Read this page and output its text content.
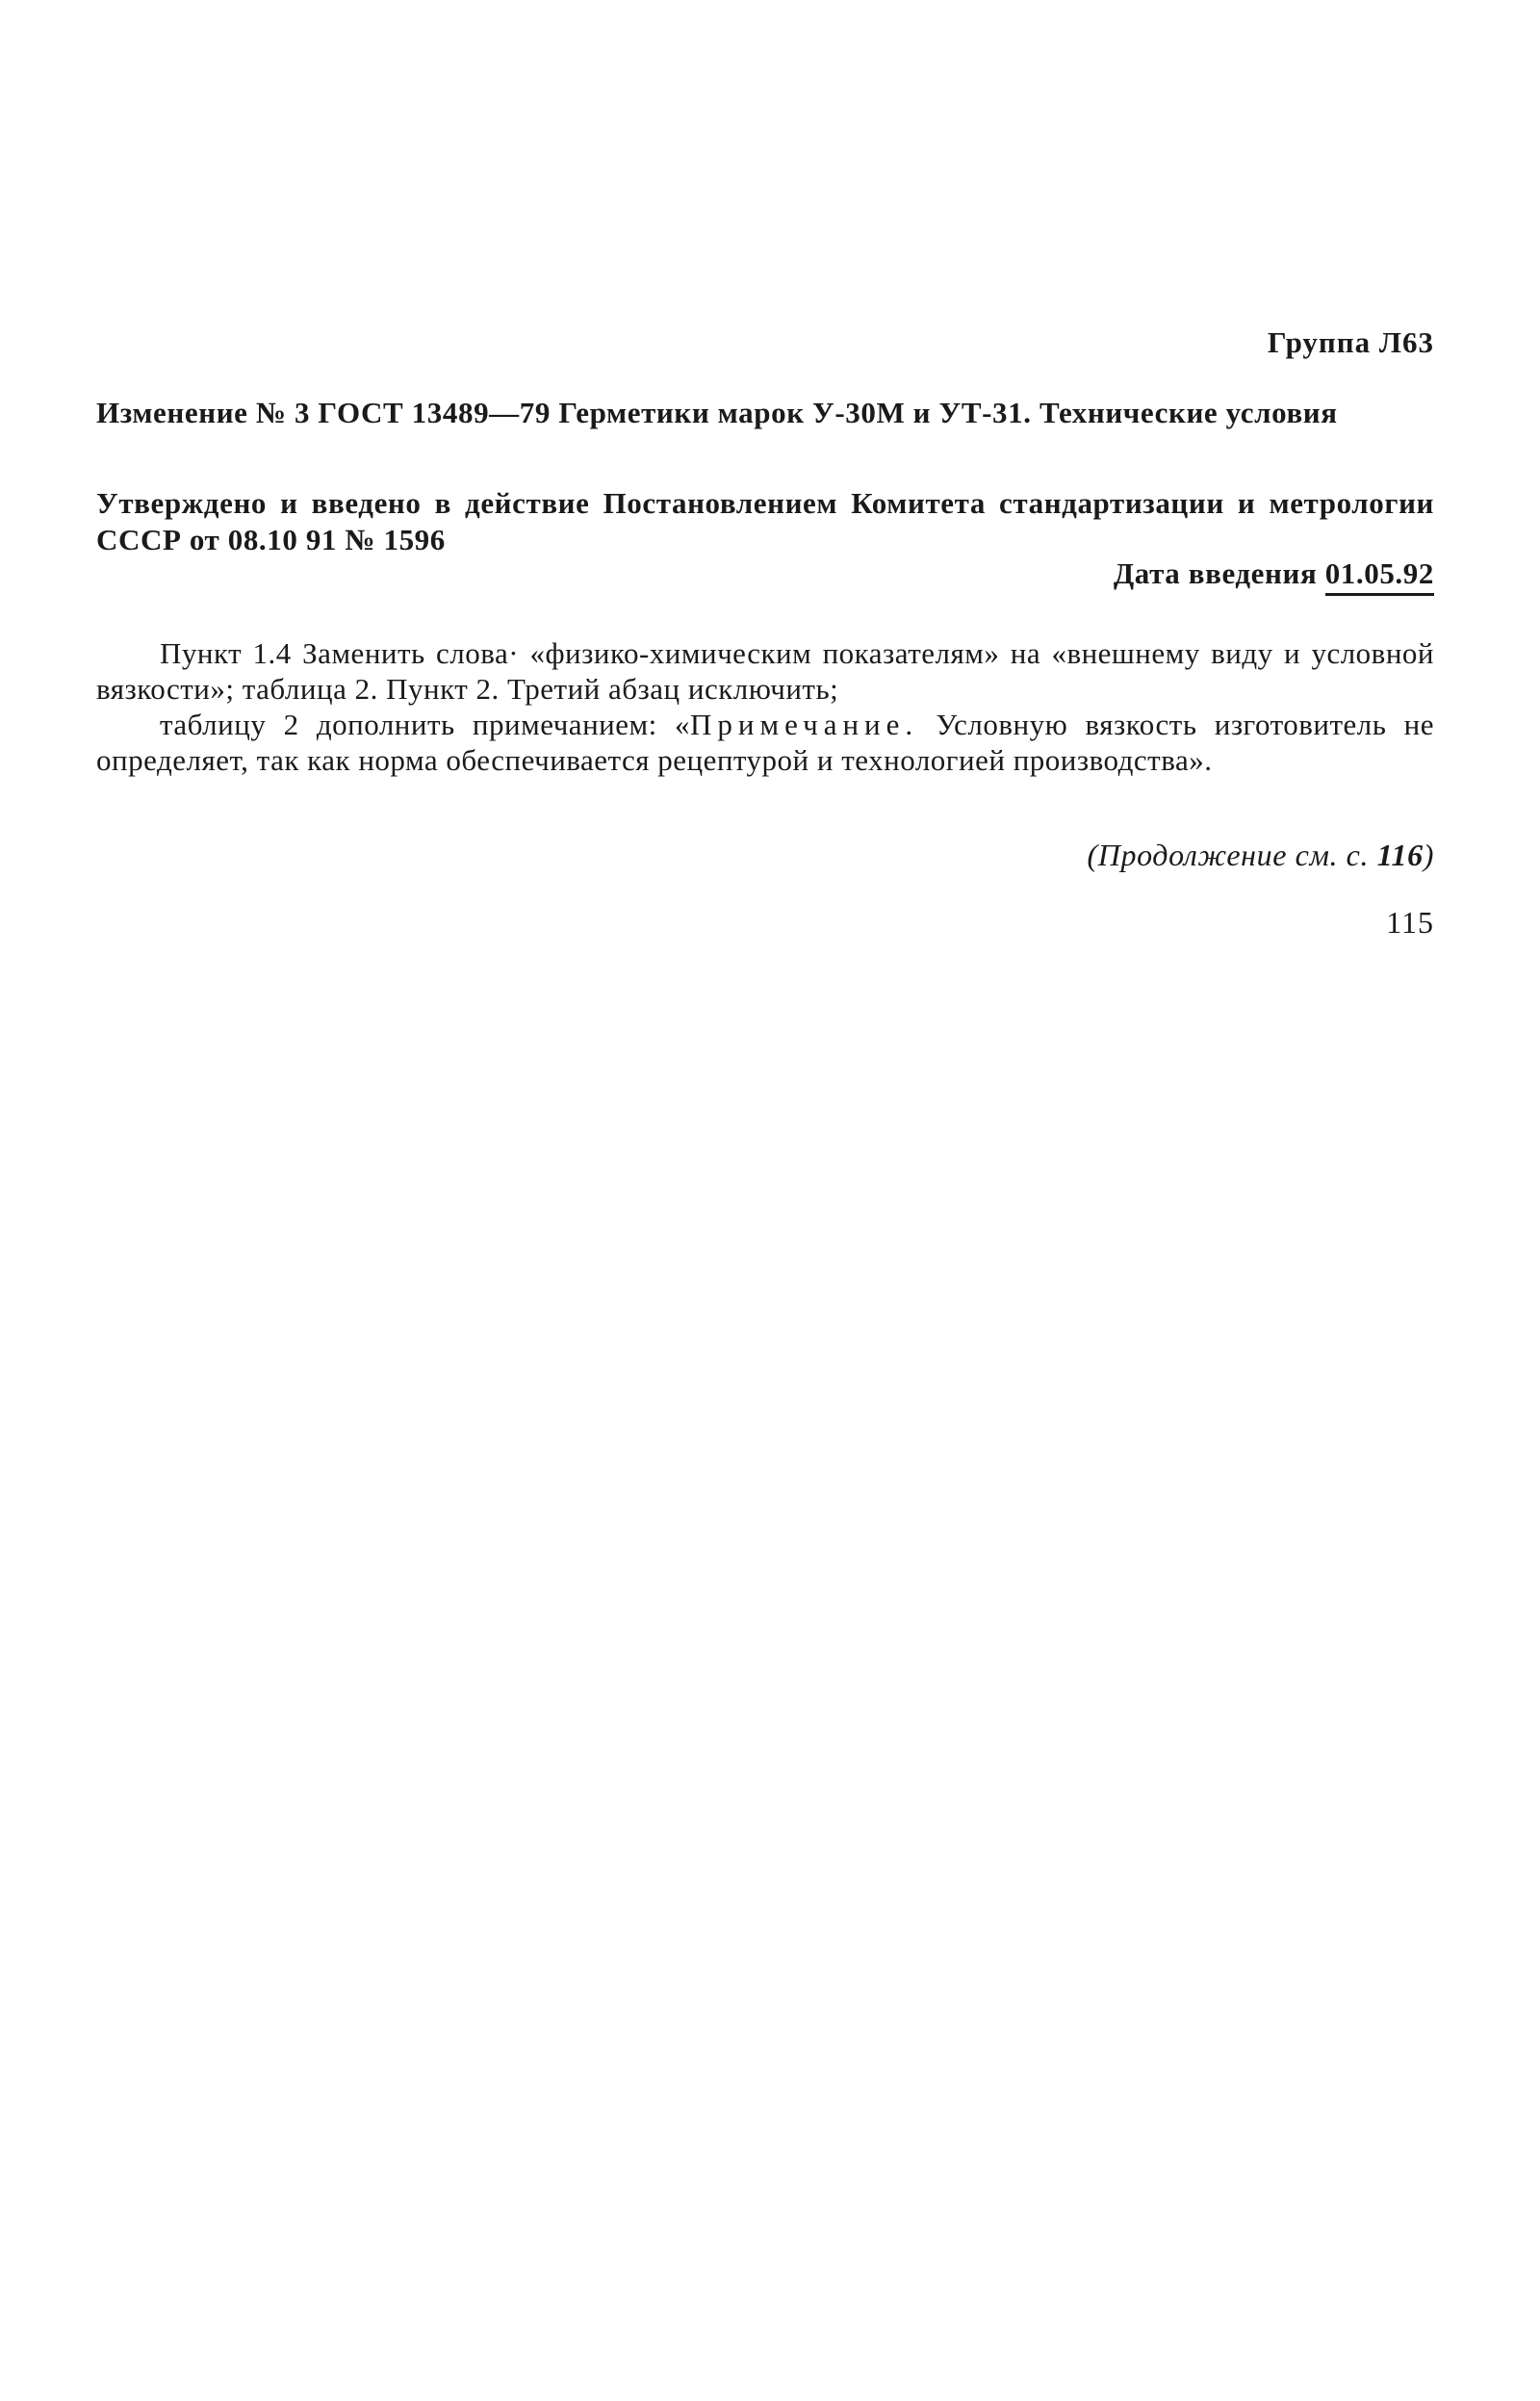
Группа Л63
Изменение № 3 ГОСТ 13489—79 Герметики марок У-30М и УТ-31. Технические условия
Утверждено и введено в действие Постановлением Комитета стандартизации и метрологии СССР от 08.10 91 № 1596
Дата введения 01.05.92

Пункт 1.4 Заменить слова· «физико-химическим показателям» на «внешнему виду и условной вязкости»; таблица 2. Пункт 2. Третий абзац исключить;

таблицу 2 дополнить примечанием: «Примечание. Условную вязкость изготовитель не определяет, так как норма обеспечивается рецептурой и технологией производства».

(Продолжение см. с. 116)
115
